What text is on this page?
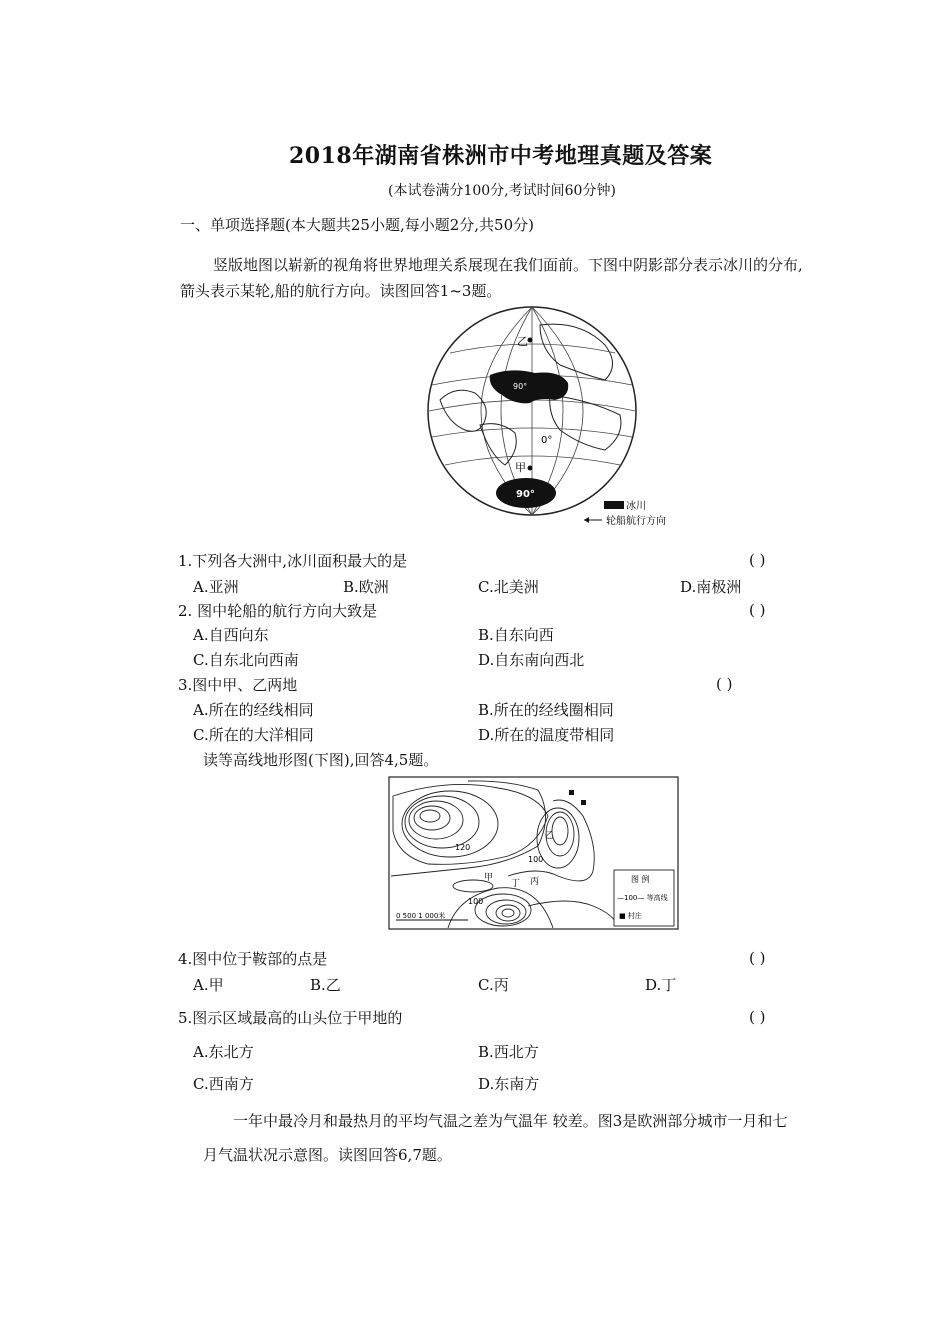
2018年湖南省株洲市中考地理真题及答案
(本试卷满分100分,考试时间60分钟)
一、单项选择题(本大题共25小题,每小题2分,共50分)
竖版地图以崭新的视角将世界地理关系展现在我们面前。下图中阴影部分表示冰川的分布,
箭头表示某轮,船的航行方向。读图回答1~3题。
乙
甲
90°
0°
90°
冰川
轮船航行方向
1.下列各大洲中,冰川面积最大的是	( )
A.亚洲	B.欧洲	C.北美洲	D.南极洲
2. 图中轮船的航行方向大致是	( )
A.自西向东	B.自东向西
C.自东北向西南	D.自东南向西北
3.图中甲、乙两地	( )
A.所在的经线相同	B.所在的经线圈相同
C.所在的大洋相同	D.所在的温度带相同
读等高线地形图(下图),回答4,5题。
120
100
100
甲
丁 丙
乙
0 500 1 000米
图 例
—100— 等高线
■ 村庄
4.图中位于鞍部的点是	( )
A.甲	B.乙	C.丙	D.丁
5.图示区域最高的山头位于甲地的	( )
A.东北方	B.西北方
C.西南方	D.东南方
一年中最冷月和最热月的平均气温之差为气温年 较差。图3是欧洲部分城市一月和七
月气温状况示意图。读图回答6,7题。
